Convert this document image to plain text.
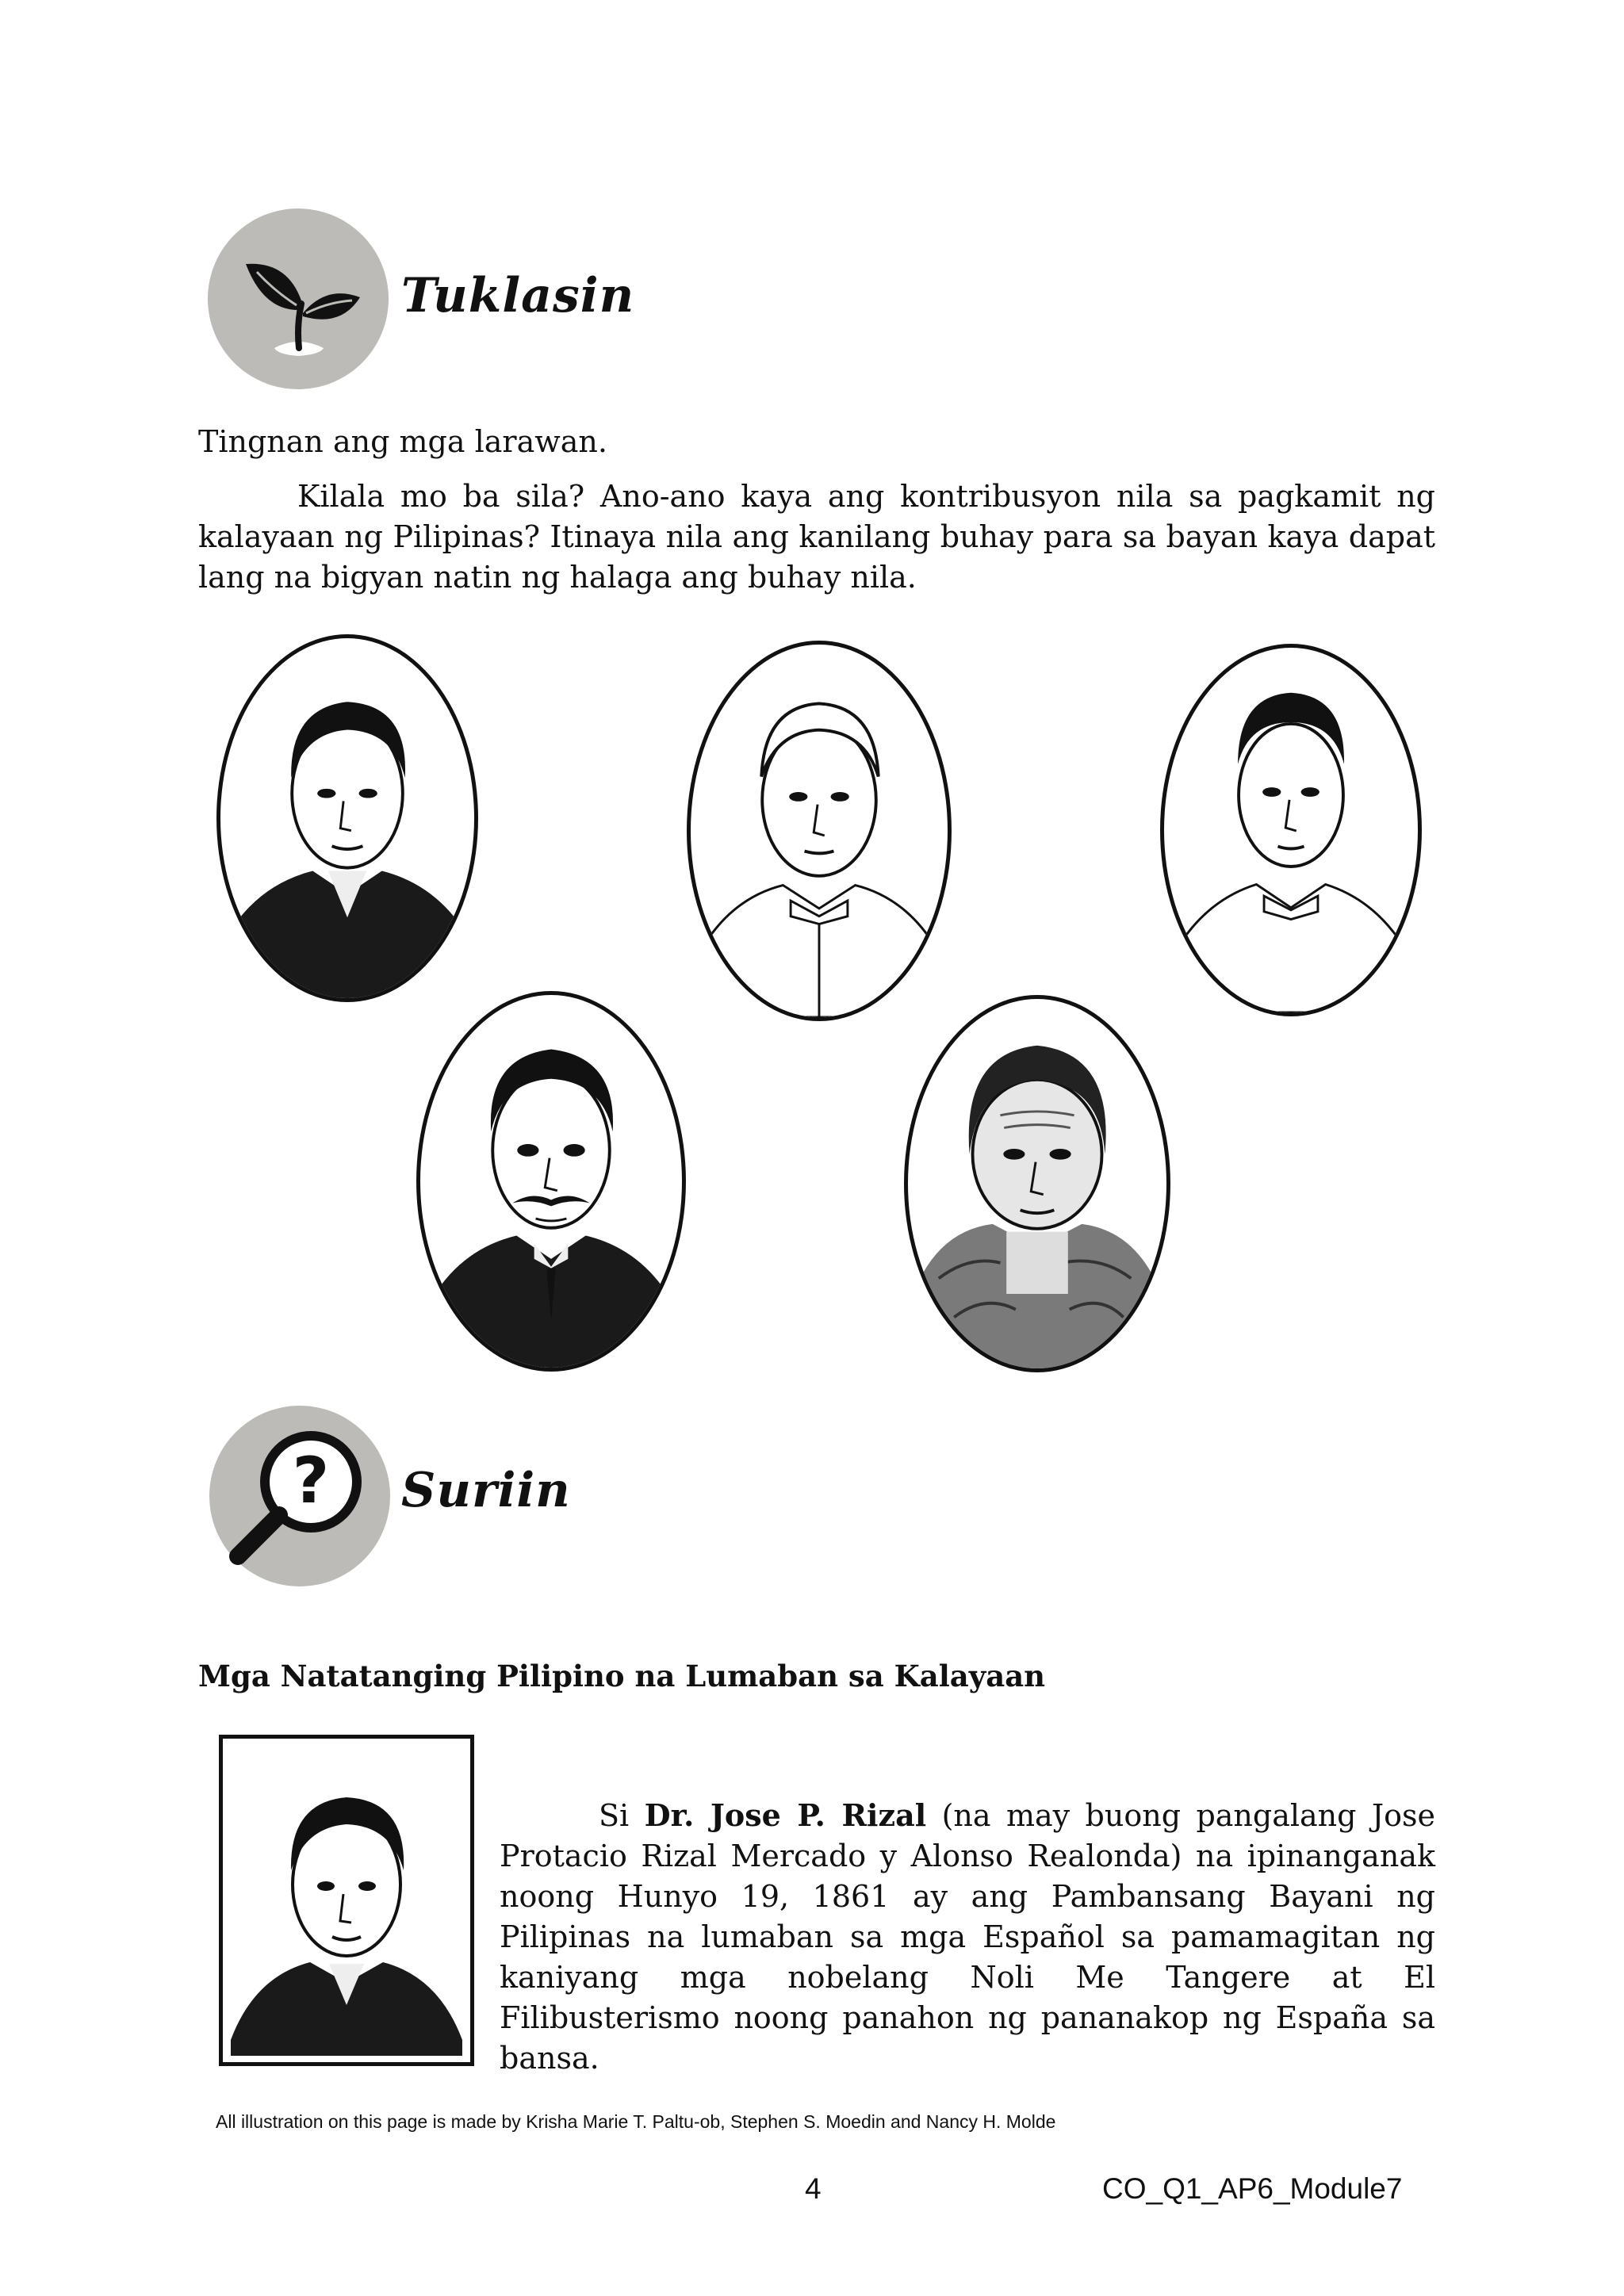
Tuklasin
Tingnan ang mga larawan.
Kilala mo ba sila? Ano-ano kaya ang kontribusyon nila sa pagkamit ng kalayaan ng Pilipinas? Itinaya nila ang kanilang buhay para sa bayan kaya dapat lang na bigyan natin ng halaga ang buhay nila.
? Suriin
Mga Natatanging Pilipino na Lumaban sa Kalayaan
Si Dr. Jose P. Rizal (na may buong pangalang Jose Protacio Rizal Mercado y Alonso Realonda) na ipinanganak noong Hunyo 19, 1861 ay ang Pambansang Bayani ng Pilipinas na lumaban sa mga Español sa pamamagitan ng kaniyang mga nobelang Noli Me Tangere at El Filibusterismo noong panahon ng pananakop ng España sa bansa.
All illustration on this page is made by Krisha Marie T. Paltu-ob, Stephen S. Moedin and Nancy H. Molde
4	CO_Q1_AP6_Module7
